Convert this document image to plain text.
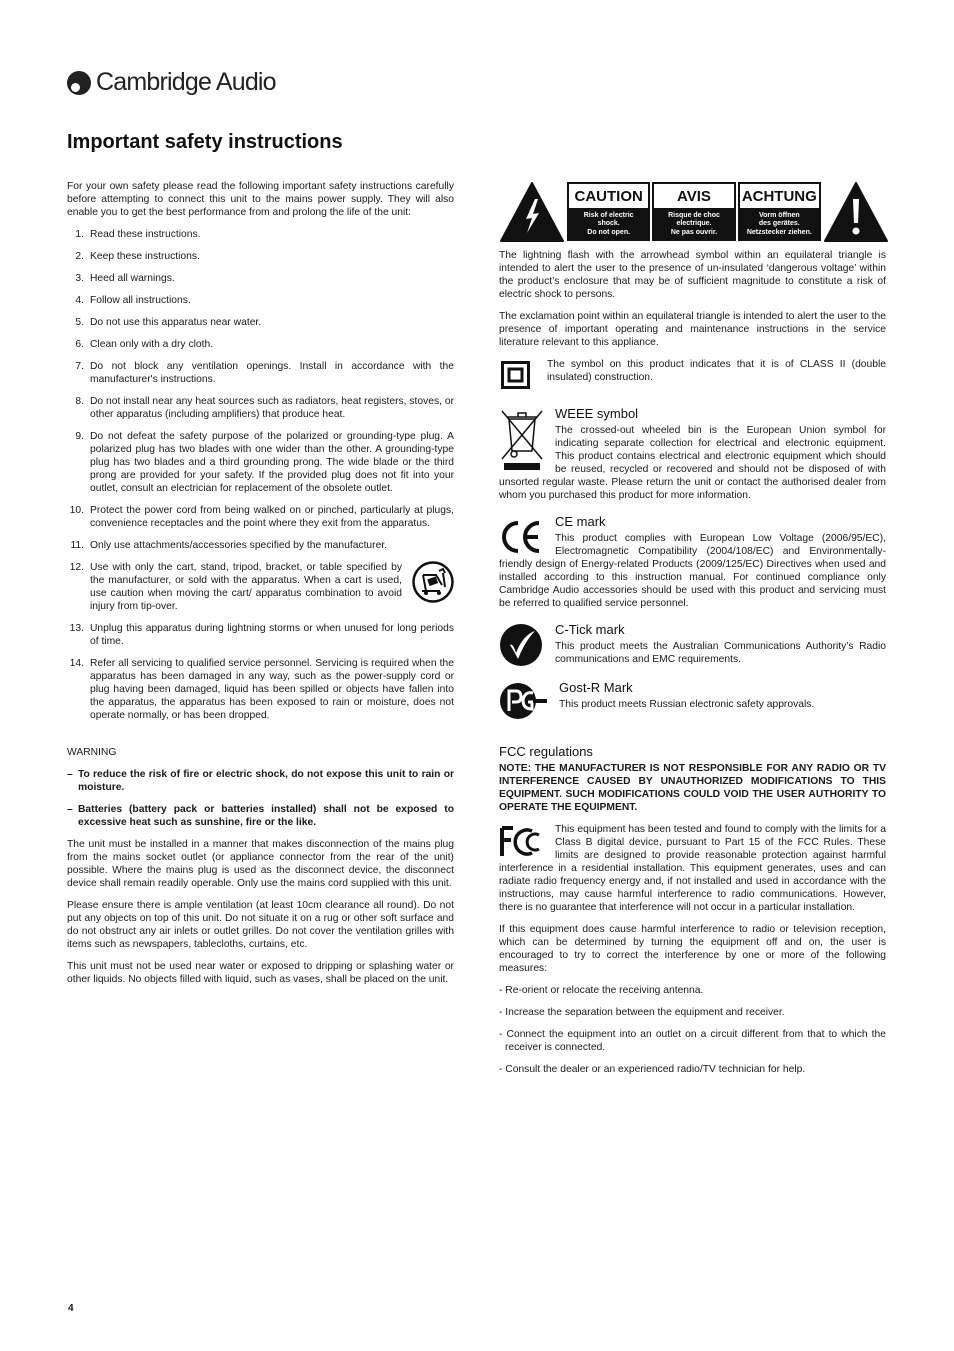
Cambridge Audio
Important safety instructions

For your own safety please read the following important safety instructions carefully before attempting to connect this unit to the mains power supply. They will also enable you to get the best performance from and prolong the life of the unit:

1. Read these instructions.
2. Keep these instructions.
3. Heed all warnings.
4. Follow all instructions.
5. Do not use this apparatus near water.
6. Clean only with a dry cloth.
7. Do not block any ventilation openings. Install in accordance with the manufacturer's instructions.
8. Do not install near any heat sources such as radiators, heat registers, stoves, or other apparatus (including amplifiers) that produce heat.
9. Do not defeat the safety purpose of the polarized or grounding-type plug. A polarized plug has two blades with one wider than the other. A grounding-type plug has two blades and a third grounding prong. The wide blade or the third prong are provided for your safety. If the provided plug does not fit into your outlet, consult an electrician for replacement of the obsolete outlet.
10. Protect the power cord from being walked on or pinched, particularly at plugs, convenience receptacles and the point where they exit from the apparatus.
11. Only use attachments/accessories specified by the manufacturer.
12. Use with only the cart, stand, tripod, bracket, or table specified by the manufacturer, or sold with the apparatus. When a cart is used, use caution when moving the cart/ apparatus combination to avoid injury from tip-over.
13. Unplug this apparatus during lightning storms or when unused for long periods of time.
14. Refer all servicing to qualified service personnel. Servicing is required when the apparatus has been damaged in any way, such as the power-supply cord or plug having been damaged, liquid has been spilled or objects have fallen into the apparatus, the apparatus has been exposed to rain or moisture, does not operate normally, or has been dropped.

WARNING

– To reduce the risk of fire or electric shock, do not expose this unit to rain or moisture.
– Batteries (battery pack or batteries installed) shall not be exposed to excessive heat such as sunshine, fire or the like.

The unit must be installed in a manner that makes disconnection of the mains plug from the mains socket outlet (or appliance connector from the rear of the unit) possible. Where the mains plug is used as the disconnect device, the disconnect device shall remain readily operable. Only use the mains cord supplied with this unit.

Please ensure there is ample ventilation (at least 10cm clearance all round). Do not put any objects on top of this unit. Do not situate it on a rug or other soft surface and do not obstruct any air inlets or outlet grilles. Do not cover the ventilation grilles with items such as newspapers, tablecloths, curtains, etc.

This unit must not be used near water or exposed to dripping or splashing water or other liquids. No objects filled with liquid, such as vases, shall be placed on the unit.

CAUTION
Risk of electric
shock.
Do not open.
AVIS
Risque de choc
electrique.
Ne pas ouvrir.
ACHTUNG
Vorm öffnen
des gerätes.
Netzstecker ziehen.

The lightning flash with the arrowhead symbol within an equilateral triangle is intended to alert the user to the presence of un-insulated ‘dangerous voltage’ within the product’s enclosure that may be of sufficient magnitude to constitute a risk of electric shock to persons.

The exclamation point within an equilateral triangle is intended to alert the user to the presence of important operating and maintenance instructions in the service literature relevant to this appliance.

The symbol on this product indicates that it is of CLASS II (double insulated) construction.
WEEE symbol
The crossed-out wheeled bin is the European Union symbol for indicating separate collection for electrical and electronic equipment. This product contains electrical and electronic equipment which should be reused, recycled or recovered and should not be disposed of with unsorted regular waste. Please return the unit or contact the authorised dealer from whom you purchased this product for more information.
CE mark
This product complies with European Low Voltage (2006/95/EC), Electromagnetic Compatibility (2004/108/EC) and Environmentally-friendly design of Energy-related Products (2009/125/EC) Directives when used and installed according to this instruction manual. For continued compliance only Cambridge Audio accessories should be used with this product and servicing must be referred to qualified service personnel.
C-Tick mark
This product meets the Australian Communications Authority’s Radio communications and EMC requirements.
Gost-R Mark
This product meets Russian electronic safety approvals.
FCC regulations
NOTE: THE MANUFACTURER IS NOT RESPONSIBLE FOR ANY RADIO OR TV INTERFERENCE CAUSED BY UNAUTHORIZED MODIFICATIONS TO THIS EQUIPMENT. SUCH MODIFICATIONS COULD VOID THE USER AUTHORITY TO OPERATE THE EQUIPMENT.
This equipment has been tested and found to comply with the limits for a Class B digital device, pursuant to Part 15 of the FCC Rules. These limits are designed to provide reasonable protection against harmful interference in a residential installation. This equipment generates, uses and can radiate radio frequency energy and, if not installed and used in accordance with the instructions, may cause harmful interference to radio communications. However, there is no guarantee that interference will not occur in a particular installation.

If this equipment does cause harmful interference to radio or television reception, which can be determined by turning the equipment off and on, the user is encouraged to try to correct the interference by one or more of the following measures:

- Re-orient or relocate the receiving antenna.

- Increase the separation between the equipment and receiver.

- Connect the equipment into an outlet on a circuit different from that to which the receiver is connected.

- Consult the dealer or an experienced radio/TV technician for help.

4
